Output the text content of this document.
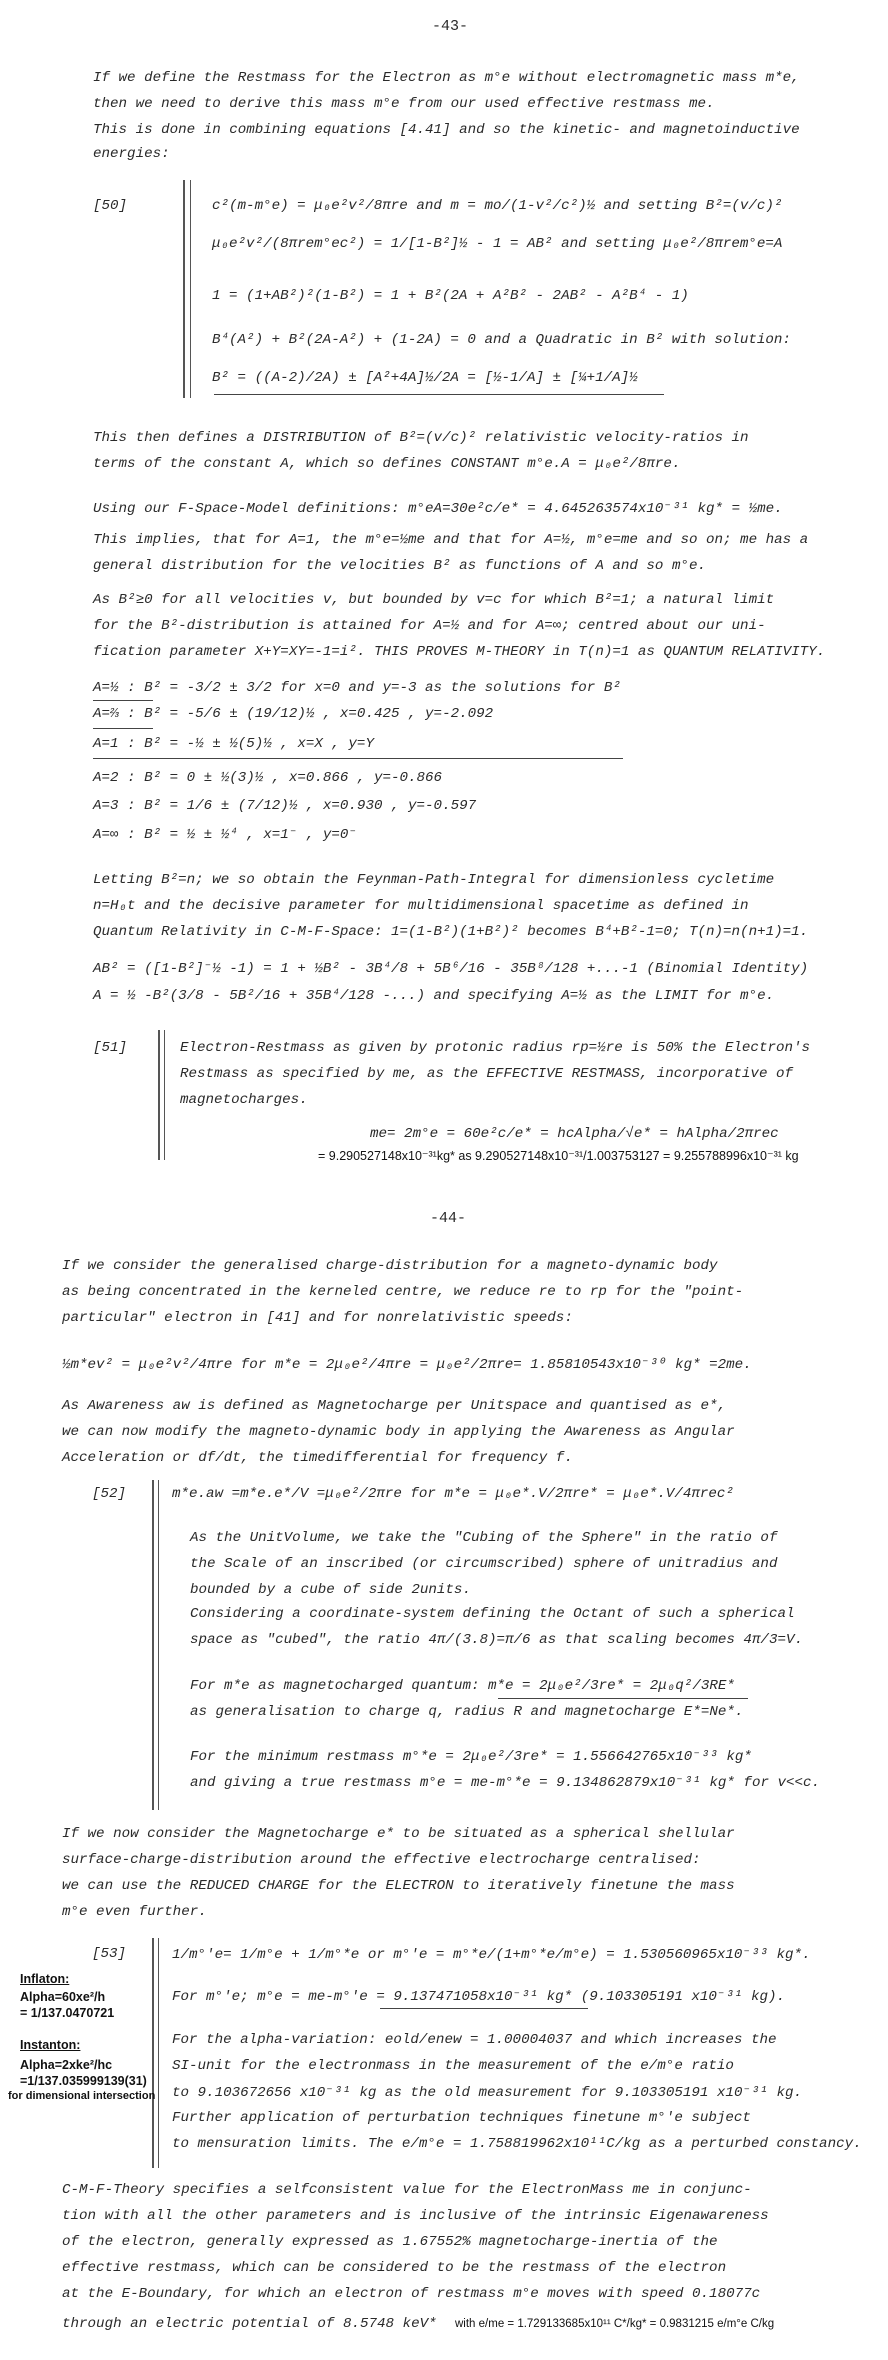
-43-
If we define the Restmass for the Electron as m°e without electromagnetic mass m*e,
then we need to derive this mass m°e from our used effective restmass me.
This is done in combining equations [4.41] and so the kinetic- and magnetoinductive
energies:
[50]	c²(m-m°e) = μ₀e²v²/8πre and m = mo/(1-v²/c²)½ and setting B²=(v/c)²
μ₀e²v²/(8πrem°ec²) = 1/[1-B²]½ - 1 = AB² and setting μ₀e²/8πrem°e=A
1 = (1+AB²)²(1-B²) = 1 + B²(2A + A²B² - 2AB² - A²B⁴ - 1)
B⁴(A²) + B²(2A-A²) + (1-2A) = 0 and a Quadratic in B² with solution:
B² = ((A-2)/2A) ± [A²+4A]½/2A = [½-1/A] ± [¼+1/A]½
This then defines a DISTRIBUTION of B²=(v/c)² relativistic velocity-ratios in
terms of the constant A, which so defines CONSTANT m°e.A = μ₀e²/8πre.
Using our F-Space-Model definitions: m°eA=30e²c/e* = 4.645263574x10⁻³¹ kg* = ½me.
This implies, that for A=1, the m°e=½me and that for A=½, m°e=me and so on; me has a
general distribution for the velocities B² as functions of A and so m°e.
As B²≥0 for all velocities v, but bounded by v=c for which B²=1; a natural limit
for the B²-distribution is attained for A=½ and for A=∞; centred about our uni-
fication parameter X+Y=XY=-1=i². THIS PROVES M-THEORY in T(n)=1 as QUANTUM RELATIVITY.
A=½ : B² = -3/2 ± 3/2 for x=0 and y=-3 as the solutions for B²
A=⅔ : B² = -5/6 ± (19/12)½ , x=0.425 , y=-2.092
A=1 : B² = -½ ± ½(5)½ , x=X , y=Y
A=2 : B² = 0 ± ½(3)½ , x=0.866 , y=-0.866
A=3 : B² = 1/6 ± (7/12)½ , x=0.930 , y=-0.597
A=∞ : B² = ½ ± ½⁴ , x=1⁻ , y=0⁻
Letting B²=n; we so obtain the Feynman-Path-Integral for dimensionless cycletime
n=H₀t and the decisive parameter for multidimensional spacetime as defined in
Quantum Relativity in C-M-F-Space: 1=(1-B²)(1+B²)² becomes B⁴+B²-1=0; T(n)=n(n+1)=1.
AB² = ([1-B²]⁻½ -1) = 1 + ½B² - 3B⁴/8 + 5B⁶/16 - 35B⁸/128 +...-1 (Binomial Identity)
A = ½ -B²(3/8 - 5B²/16 + 35B⁴/128 -...) and specifying A=½ as the LIMIT for m°e.
[51]	Electron-Restmass as given by protonic radius rp=½re is 50% the Electron's
Restmass as specified by me, as the EFFECTIVE RESTMASS, incorporative of
magnetocharges.
me= 2m°e = 60e²c/e* = hcAlpha/√e* = hAlpha/2πrec
= 9.290527148x10⁻³¹kg* as 9.290527148x10⁻³¹/1.003753127 = 9.255788996x10⁻³¹ kg
-44-
If we consider the generalised charge-distribution for a magneto-dynamic body
as being concentrated in the kerneled centre, we reduce re to rp for the "point-
particular" electron in [41] and for nonrelativistic speeds:
½m*ev² = μ₀e²v²/4πre for m*e = 2μ₀e²/4πre = μ₀e²/2πre= 1.85810543x10⁻³⁰ kg* =2me.
As Awareness aw is defined as Magnetocharge per Unitspace and quantised as e*,
we can now modify the magneto-dynamic body in applying the Awareness as Angular
Acceleration or df/dt, the timedifferential for frequency f.
[52]	m*e.aw =m*e.e*/V =μ₀e²/2πre for m*e = μ₀e*.V/2πre* = μ₀e*.V/4πrec²
As the UnitVolume, we take the "Cubing of the Sphere" in the ratio of
the Scale of an inscribed (or circumscribed) sphere of unitradius and
bounded by a cube of side 2units.
Considering a coordinate-system defining the Octant of such a spherical
space as "cubed", the ratio 4π/(3.8)=π/6 as that scaling becomes 4π/3=V.
For m*e as magnetocharged quantum: m*e = 2μ₀e²/3re* = 2μ₀q²/3RE*
as generalisation to charge q, radius R and magnetocharge E*=Ne*.
For the minimum restmass m°*e = 2μ₀e²/3re* = 1.556642765x10⁻³³ kg*
and giving a true restmass m°e = me-m°*e = 9.134862879x10⁻³¹ kg* for v<<c.
If we now consider the Magnetocharge e* to be situated as a spherical shellular
surface-charge-distribution around the effective electrocharge centralised:
we can use the REDUCED CHARGE for the ELECTRON to iteratively finetune the mass
m°e even further.
[53]	1/m°'e= 1/m°e + 1/m°*e or m°'e = m°*e/(1+m°*e/m°e) = 1.530560965x10⁻³³ kg*.
For m°'e; m°e = me-m°'e = 9.137471058x10⁻³¹ kg* (9.103305191 x10⁻³¹ kg).
For the alpha-variation: eold/enew = 1.00004037 and which increases the
SI-unit for the electronmass in the measurement of the e/m°e ratio
to 9.103672656 x10⁻³¹ kg as the old measurement for 9.103305191 x10⁻³¹ kg.
Further application of perturbation techniques finetune m°'e subject
to mensuration limits. The e/m°e = 1.758819962x10¹¹C/kg as a perturbed constancy.
Inflaton:
Alpha=60xe²/h
= 1/137.0470721
Instanton:
Alpha=2xke²/hc
=1/137.035999139(31)
for dimensional intersection
C-M-F-Theory specifies a selfconsistent value for the ElectronMass me in conjunc-
tion with all the other parameters and is inclusive of the intrinsic Eigenawareness
of the electron, generally expressed as 1.67552% magnetocharge-inertia of the
effective restmass, which can be considered to be the restmass of the electron
at the E-Boundary, for which an electron of restmass m°e moves with speed 0.18077c
through an electric potential of 8.5748 keV* with e/me = 1.729133685x10¹¹ C*/kg* = 0.9831215 e/m°e C/kg
